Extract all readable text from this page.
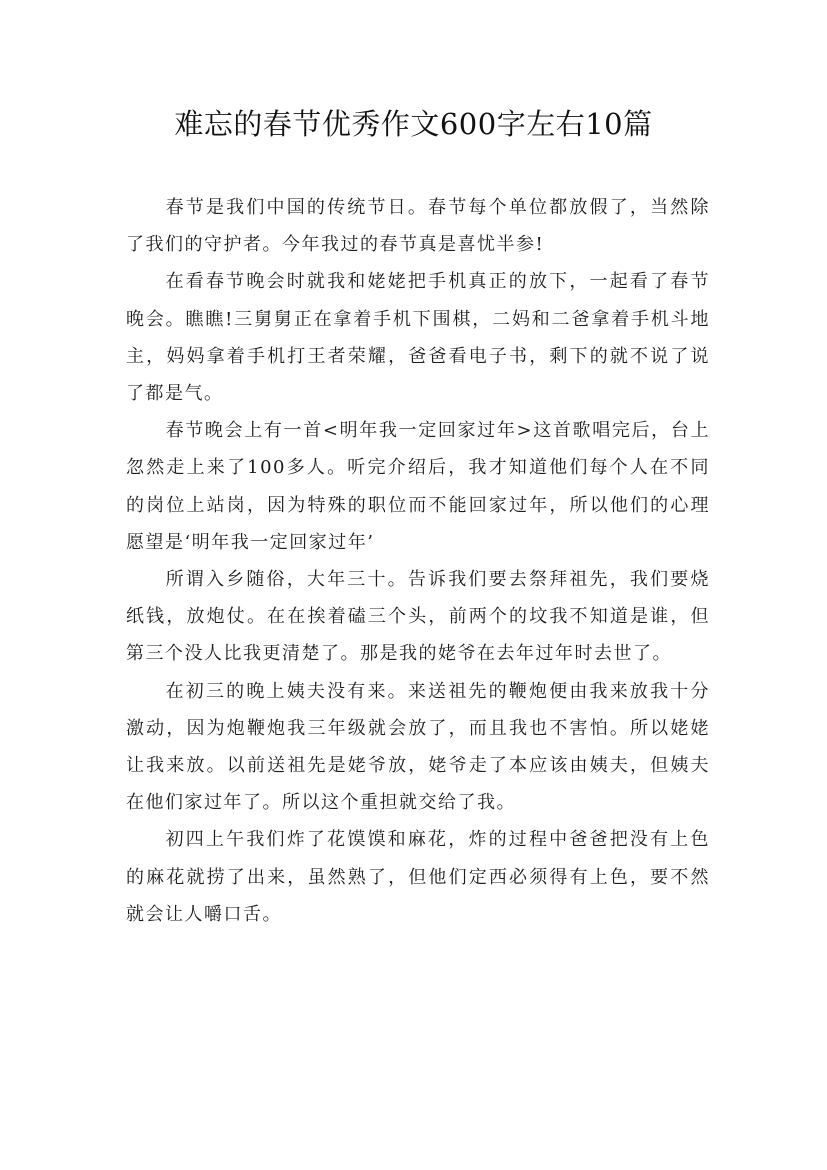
难忘的春节优秀作文600字左右10篇

春节是我们中国的传统节日。春节每个单位都放假了，当然除了我们的守护者。今年我过的春节真是喜忧半参!

在看春节晚会时就我和姥姥把手机真正的放下，一起看了春节晚会。瞧瞧!三舅舅正在拿着手机下围棋，二妈和二爸拿着手机斗地主，妈妈拿着手机打王者荣耀，爸爸看电子书，剩下的就不说了说了都是气。

春节晚会上有一首<明年我一定回家过年>这首歌唱完后，台上忽然走上来了100多人。听完介绍后，我才知道他们每个人在不同的岗位上站岗，因为特殊的职位而不能回家过年，所以他们的心理愿望是‘明年我一定回家过年’

所谓入乡随俗，大年三十。告诉我们要去祭拜祖先，我们要烧纸钱，放炮仗。在在挨着磕三个头，前两个的坟我不知道是谁，但第三个没人比我更清楚了。那是我的姥爷在去年过年时去世了。

在初三的晚上姨夫没有来。来送祖先的鞭炮便由我来放我十分激动，因为炮鞭炮我三年级就会放了，而且我也不害怕。所以姥姥让我来放。以前送祖先是姥爷放，姥爷走了本应该由姨夫，但姨夫在他们家过年了。所以这个重担就交给了我。

初四上午我们炸了花馍馍和麻花，炸的过程中爸爸把没有上色的麻花就捞了出来，虽然熟了，但他们定西必须得有上色，要不然就会让人嚼口舌。
